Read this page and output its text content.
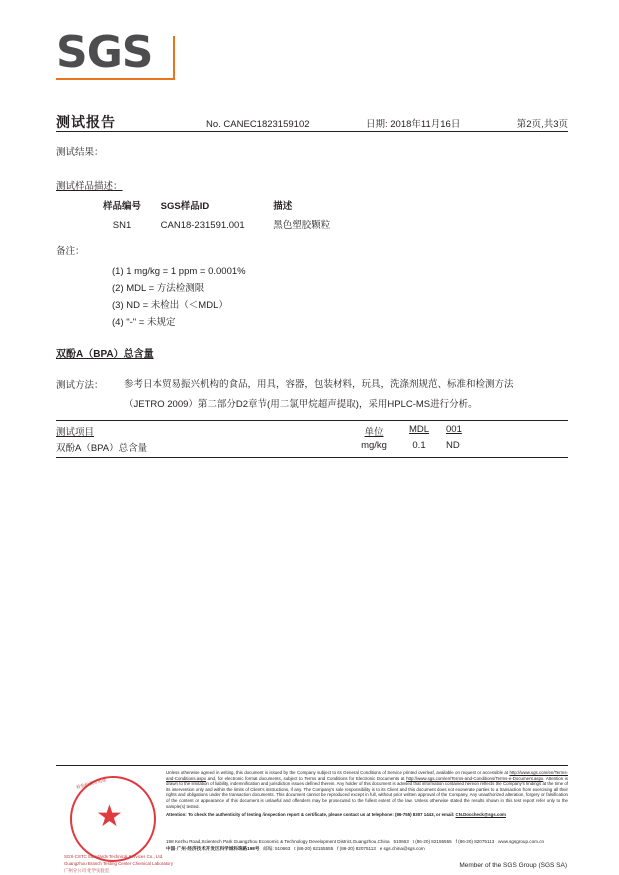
SGS
测试报告	No. CANEC1823159102	日期: 2018年11月16日	第2页,共3页
测试结果：
测试样品描述：
样品编号 SGS样品ID	描述
SN1	CAN18-231591.001	黑色塑胶颗粒
备注：
(1) 1 mg/kg = 1 ppm = 0.0001%
(2) MDL = 方法检测限
(3) ND = 未检出（＜MDL）
(4) "-" = 未规定
双酚A（BPA）总含量
测试方法： 参考日本贸易振兴机构的食品，用具，容器，包装材料，玩具，洗涤剂规范、标准和检测方法（JETRO 2009）第二部分D2章节(用二氯甲烷超声提取)，采用HPLC-MS进行分析。
测试项目	单位	MDL	001
双酚A（BPA）总含量	mg/kg	0.1	ND
★
检验检测专用章
SGS-CSTC Standards Technical Services Co., Ltd.
Guangzhou Branch Testing Center Chemical Laboratory
广州分公司 化学实验室

Unless otherwise agreed in writing, this document is issued by the Company subject to its General Conditions of Service printed overleaf, available on request or accessible at http://www.sgs.com/en/Terms-and-Conditions.aspx and, for electronic format documents, subject to Terms and Conditions for Electronic Documents at http://www.sgs.com/en/Terms-and-Conditions/Terms-e-Document.aspx. Attention is drawn to the limitation of liability, indemnification and jurisdiction issues defined therein. Any holder of this document is advised that information contained hereon reflects the Company's findings at the time of its intervention only and within the limits of Client's instructions, if any. The Company's sole responsibility is to its Client and this document does not exonerate parties to a transaction from exercising all their rights and obligations under the transaction documents. This document cannot be reproduced except in full, without prior written approval of the Company. Any unauthorized alteration, forgery or falsification of the content or appearance of this document is unlawful and offenders may be prosecuted to the fullest extent of the law. Unless otherwise stated the results shown in this test report refer only to the sample(s) tested.

Attention: To check the authenticity of testing /inspection report & certificate, please contact us at telephone: (86-755) 8307 1443, or email: CN.Doccheck@sgs.com

198 Kezhu Road,Scientech Park Guangzhou Economic & Technology Development District,Guangzhou,China 510663 t (86-20) 82155555 f (86-20) 82075113 www.sgsgroup.com.cn
中国·广州·经济技术开发区科学城科珠路198号 邮编: 510663 t (86-20) 82155555 f (86-20) 82075113 e sgs.china@sgs.com
Member of the SGS Group (SGS SA)
